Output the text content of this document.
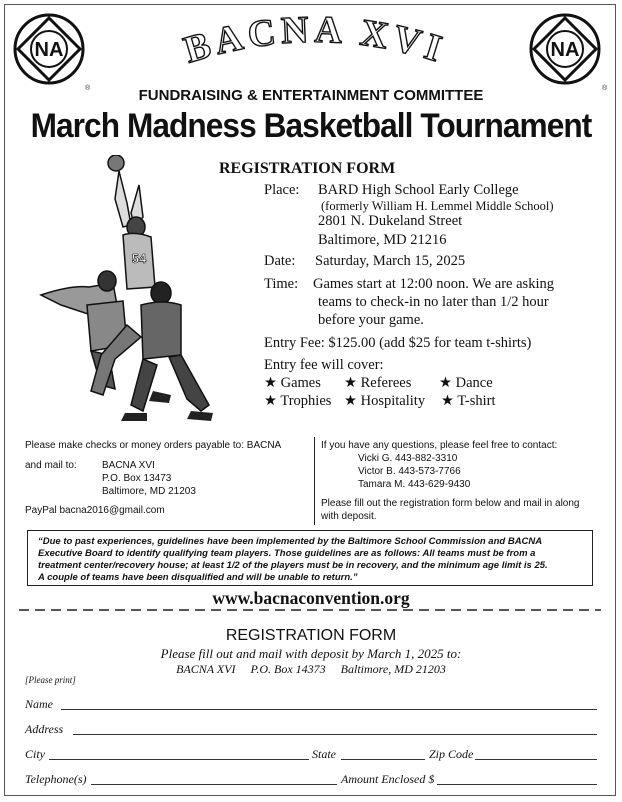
NA
®
NA
®
BACNA XVI
FUNDRAISING & ENTERTAINMENT COMMITTEE
March Madness Basketball Tournament
54
REGISTRATION FORM
Place: BARD High School Early College
(formerly William H. Lemmel Middle School)
2801 N. Dukeland Street
Baltimore, MD 21216
Date: Saturday, March 15, 2025
Time: Games start at 12:00 noon. We are asking
teams to check-in no later than 1/2 hour
before your game.
Entry Fee: $125.00 (add $25 for team t-shirts)
Entry fee will cover:
★ Games ★ Referees ★ Dance
★ Trophies ★ Hospitality ★ T-shirt
Please make checks or money orders payable to: BACNA
and mail to:	BACNA XVI
P.O. Box 13473
Baltimore, MD 21203
PayPal bacna2016@gmail.com
If you have any questions, please feel free to contact:
Vicki G. 443-882-3310
Victor B. 443-573-7766
Tamara M. 443-629-9430
Please fill out the registration form below and mail in along
with deposit.
“Due to past experiences, guidelines have been implemented by the Baltimore School Commission and BACNA
Executive Board to identify qualifying team players. Those guidelines are as follows: All teams must be from a
treatment center/recovery house; at least 1/2 of the players must be in recovery, and the minimum age limit is 25.
A couple of teams have been disqualified and will be unable to return.”
www.bacnaconvention.org
REGISTRATION FORM
Please fill out and mail with deposit by March 1, 2025 to:
BACNA XVI     P.O. Box 14373     Baltimore, MD 21203
[Please print]
Name
Address
City	State	Zip Code
Telephone(s)	Amount Enclosed $
